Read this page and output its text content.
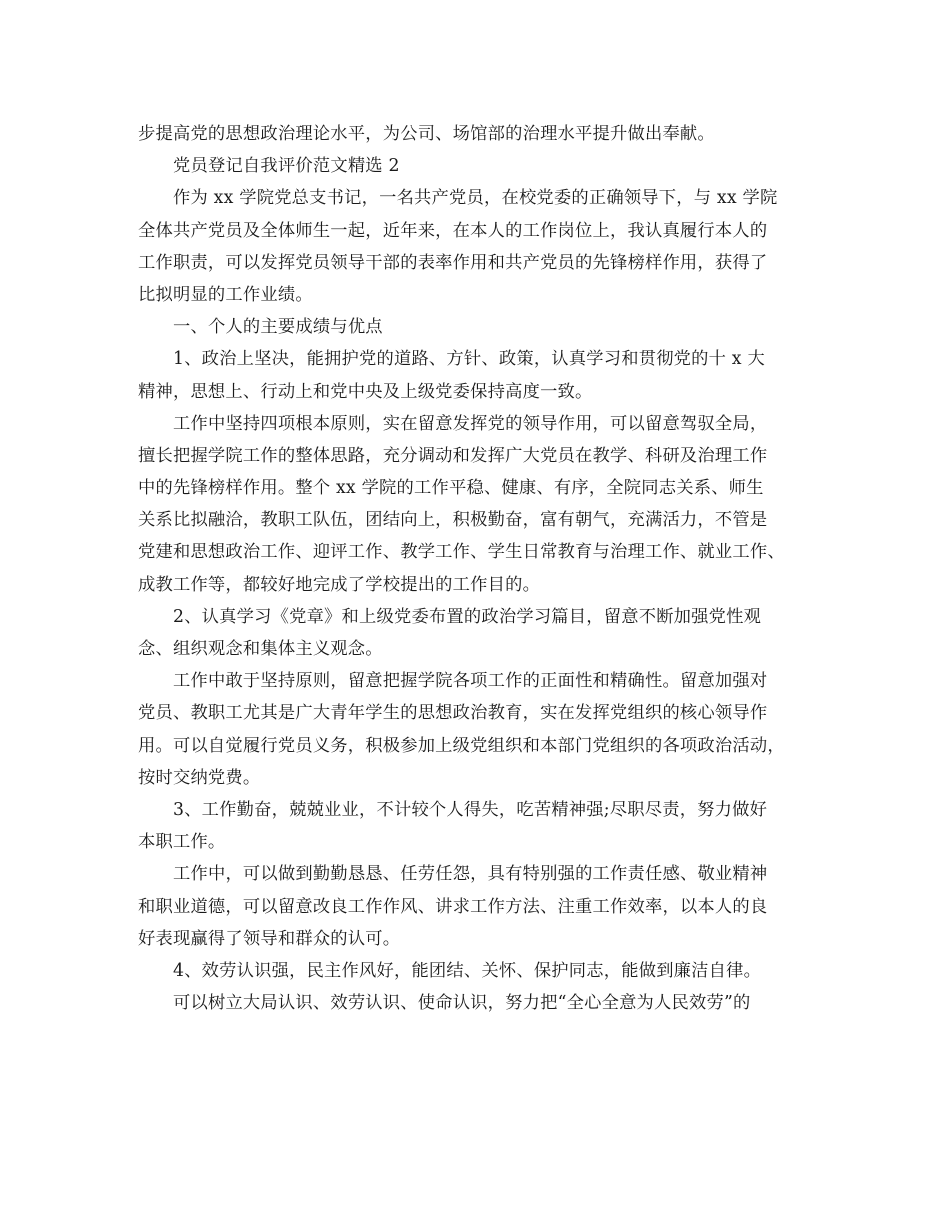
步提高党的思想政治理论水平，为公司、场馆部的治理水平提升做出奉献。
党员登记自我评价范文精选 2
作为 xx 学院党总支书记，一名共产党员，在校党委的正确领导下，与 xx 学院
全体共产党员及全体师生一起，近年来，在本人的工作岗位上，我认真履行本人的
工作职责，可以发挥党员领导干部的表率作用和共产党员的先锋榜样作用，获得了
比拟明显的工作业绩。
一、个人的主要成绩与优点
1、政治上坚决，能拥护党的道路、方针、政策，认真学习和贯彻党的十 x 大
精神，思想上、行动上和党中央及上级党委保持高度一致。
工作中坚持四项根本原则，实在留意发挥党的领导作用，可以留意驾驭全局，
擅长把握学院工作的整体思路，充分调动和发挥广大党员在教学、科研及治理工作
中的先锋榜样作用。整个 xx 学院的工作平稳、健康、有序，全院同志关系、师生
关系比拟融洽，教职工队伍，团结向上，积极勤奋，富有朝气，充满活力，不管是
党建和思想政治工作、迎评工作、教学工作、学生日常教育与治理工作、就业工作、
成教工作等，都较好地完成了学校提出的工作目的。
2、认真学习《党章》和上级党委布置的政治学习篇目，留意不断加强党性观
念、组织观念和集体主义观念。
工作中敢于坚持原则，留意把握学院各项工作的正面性和精确性。留意加强对
党员、教职工尤其是广大青年学生的思想政治教育，实在发挥党组织的核心领导作
用。可以自觉履行党员义务，积极参加上级党组织和本部门党组织的各项政治活动，
按时交纳党费。
3、工作勤奋，兢兢业业，不计较个人得失，吃苦精神强;尽职尽责，努力做好
本职工作。
工作中，可以做到勤勤恳恳、任劳任怨，具有特别强的工作责任感、敬业精神
和职业道德，可以留意改良工作作风、讲求工作方法、注重工作效率，以本人的良
好表现赢得了领导和群众的认可。
4、效劳认识强，民主作风好，能团结、关怀、保护同志，能做到廉洁自律。
可以树立大局认识、效劳认识、使命认识，努力把“全心全意为人民效劳”的
